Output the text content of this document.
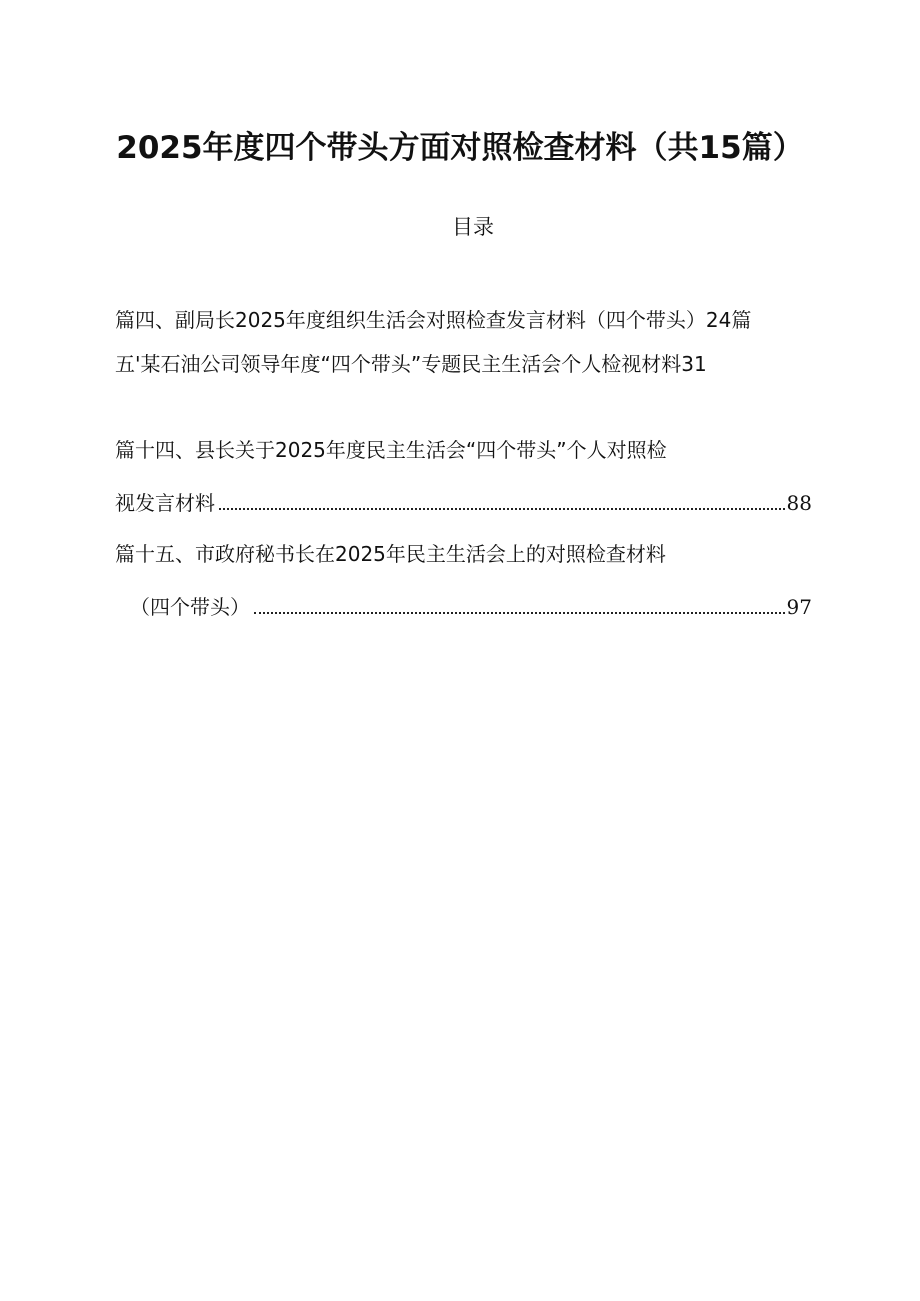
2025年度四个带头方面对照检查材料（共15篇）
目录
篇四、副局长2025年度组织生活会对照检查发言材料（四个带头）24篇
五'某石油公司领导年度“四个带头”专题民主生活会个人检视材料31
篇十四、县长关于2025年度民主生活会“四个带头”个人对照检
视发言材料	88
篇十五、市政府秘书长在2025年民主生活会上的对照检查材料
（四个带头）	97
